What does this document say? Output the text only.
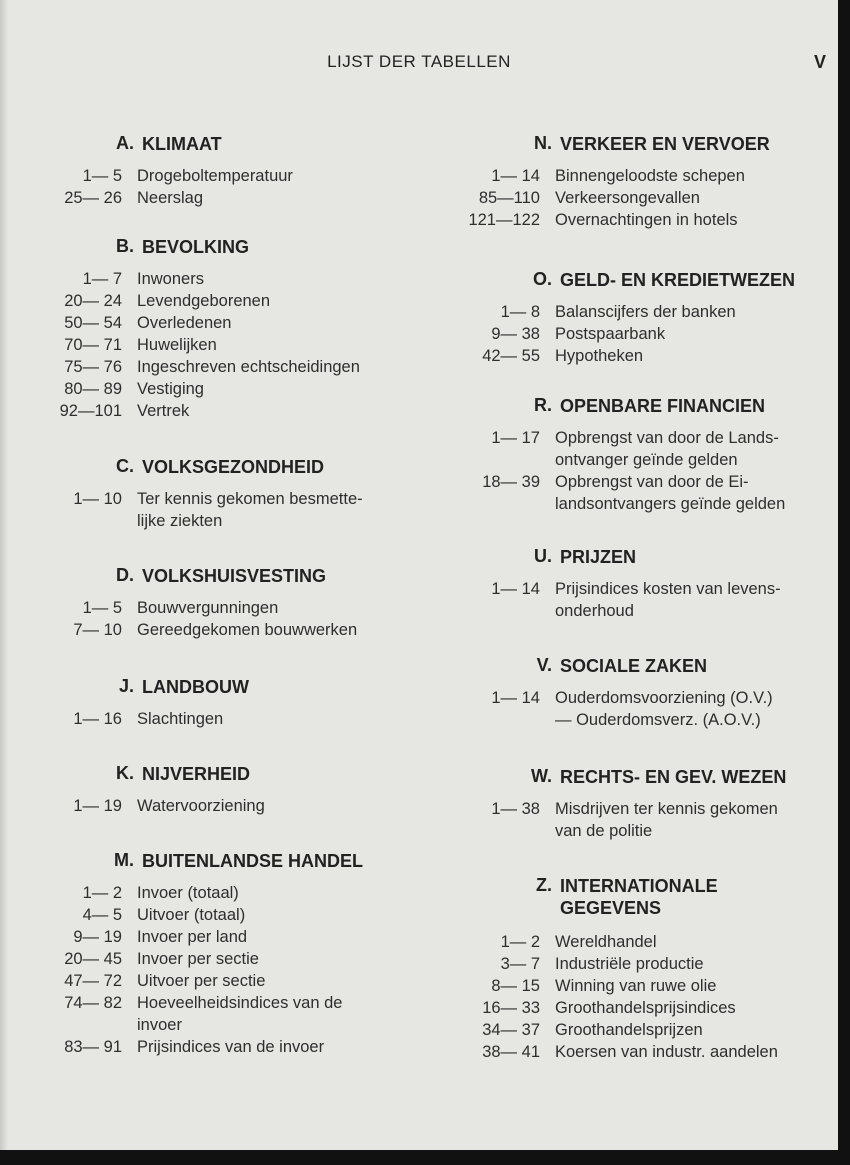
LIJST DER TABELLEN	V
A. KLIMAAT
1— 5 Drogeboltemperatuur
25— 26 Neerslag
B. BEVOLKING
1— 7 Inwoners
20— 24 Levendgeborenen
50— 54 Overledenen
70— 71 Huwelijken
75— 76 Ingeschreven echtscheidingen
80— 89 Vestiging
92—101 Vertrek
C. VOLKSGEZONDHEID
1— 10 Ter kennis gekomen besmette-
lijke ziekten
D. VOLKSHUISVESTING
1— 5 Bouwvergunningen
7— 10 Gereedgekomen bouwwerken
J. LANDBOUW
1— 16 Slachtingen
K. NIJVERHEID
1— 19 Watervoorziening
M. BUITENLANDSE HANDEL
1— 2 Invoer (totaal)
4— 5 Uitvoer (totaal)
9— 19 Invoer per land
20— 45 Invoer per sectie
47— 72 Uitvoer per sectie
74— 82 Hoeveelheidsindices van de
invoer
83— 91 Prijsindices van de invoer
N. VERKEER EN VERVOER
1— 14 Binnengeloodste schepen
85—110 Verkeersongevallen
121—122 Overnachtingen in hotels
O. GELD- EN KREDIETWEZEN
1— 8 Balanscijfers der banken
9— 38 Postspaarbank
42— 55 Hypotheken
R. OPENBARE FINANCIEN
1— 17 Opbrengst van door de Lands-
ontvanger geïnde gelden
18— 39 Opbrengst van door de Ei-
landsontvangers geïnde gelden
U. PRIJZEN
1— 14 Prijsindices kosten van levens-
onderhoud
V. SOCIALE ZAKEN
1— 14 Ouderdomsvoorziening (O.V.)
— Ouderdomsverz. (A.O.V.)
W. RECHTS- EN GEV. WEZEN
1— 38 Misdrijven ter kennis gekomen
van de politie
Z. INTERNATIONALE
GEGEVENS
1— 2 Wereldhandel
3— 7 Industriële productie
8— 15 Winning van ruwe olie
16— 33 Groothandelsprijsindices
34— 37 Groothandelsprijzen
38— 41 Koersen van industr. aandelen
